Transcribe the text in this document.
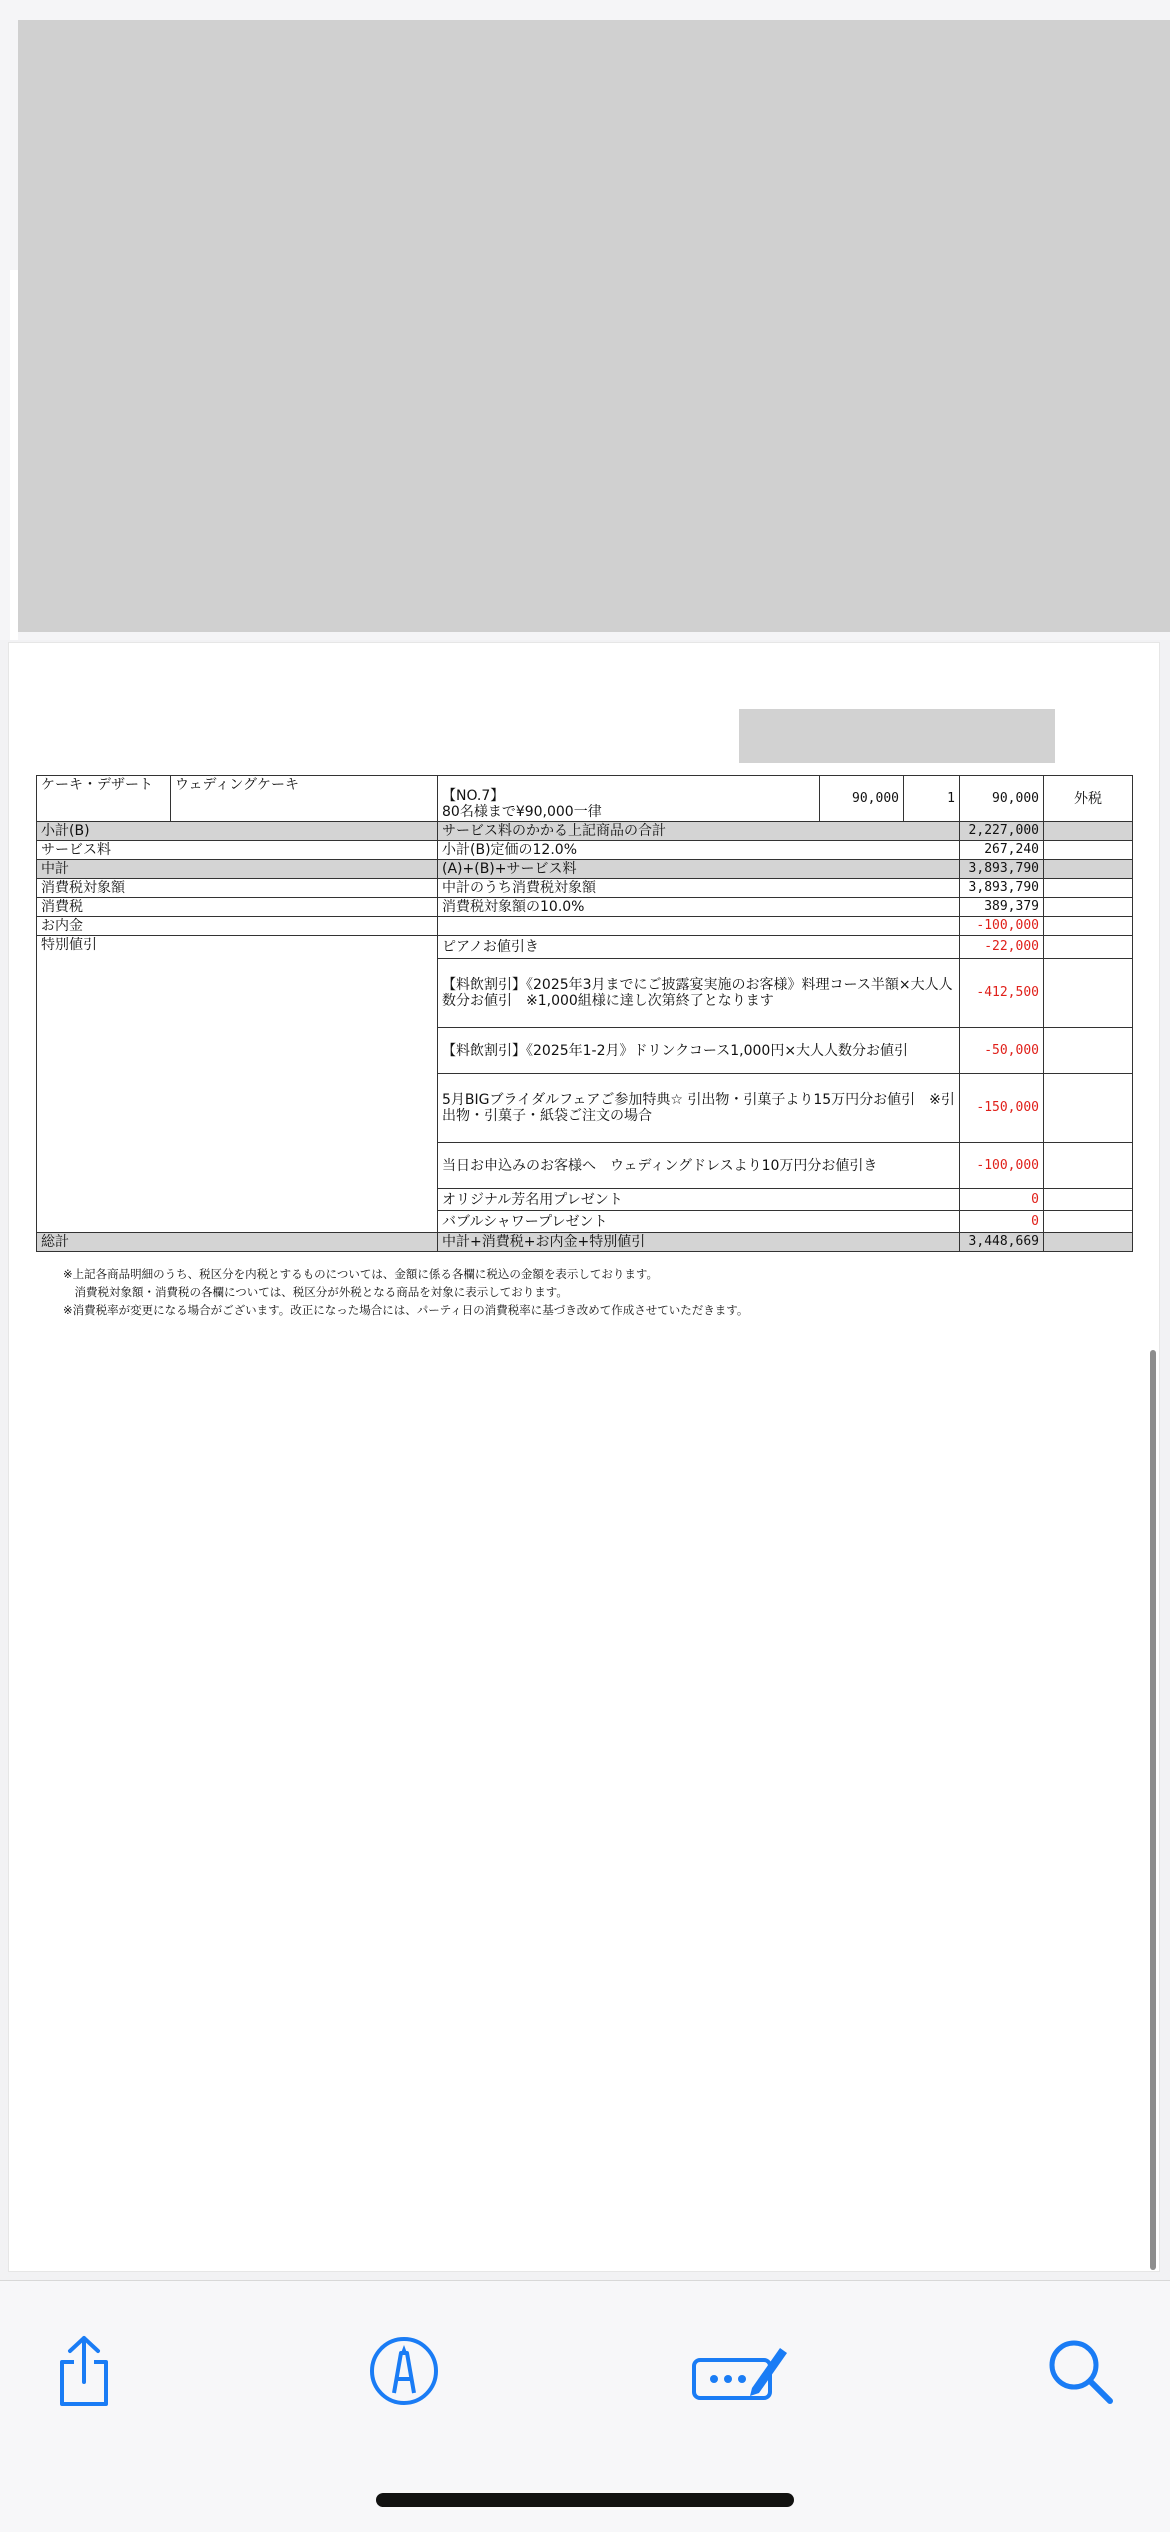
ケーキ・デザート	ウェディングケーキ	【NO.7】
80名様まで¥90,000一律	90,000	1	90,000	外税
小計(B)		サービス料のかかる上記商品の合計			2,227,000	
サービス料		小計(B)定価の12.0%			267,240	
中計		(A)+(B)+サービス料			3,893,790	
消費税対象額		中計のうち消費税対象額			3,893,790	
消費税		消費税対象額の10.0%			389,379	
お内金					-100,000	
特別値引		ピアノお値引き			-22,000	
		【料飲割引】《2025年3月までにご披露宴実施のお客様》料理コース半額×大人人数分お値引　※1,000組様に達し次第終了となります			-412,500	
		【料飲割引】《2025年1-2月》ドリンクコース1,000円×大人人数分お値引			-50,000	
		5月BIGブライダルフェアご参加特典☆ 引出物・引菓子より15万円分お値引　※引出物・引菓子・紙袋ご注文の場合			-150,000	
		当日お申込みのお客様へ　ウェディングドレスより10万円分お値引き			-100,000	
		オリジナル芳名用プレゼント			0	
		バブルシャワープレゼント			0	
総計		中計+消費税+お内金+特別値引			3,448,669	
※上記各商品明細のうち、税区分を内税とするものについては、金額に係る各欄に税込の金額を表示しております。
　消費税対象額・消費税の各欄については、税区分が外税となる商品を対象に表示しております。
※消費税率が変更になる場合がございます。改正になった場合には、パーティ日の消費税率に基づき改めて作成させていただきます。
